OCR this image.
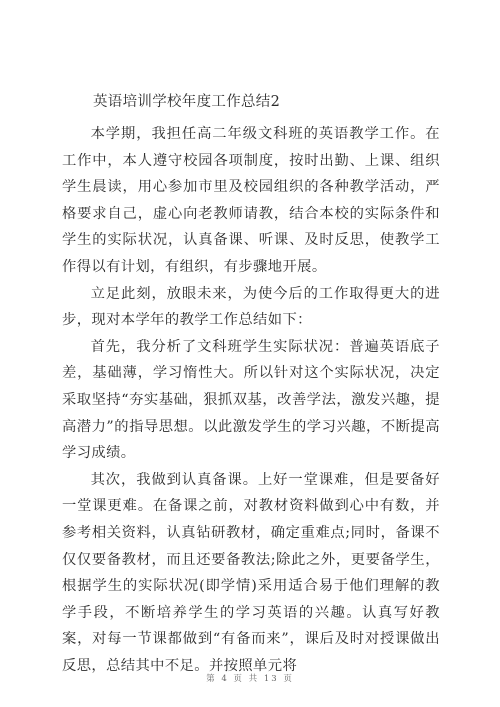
英语培训学校年度工作总结2

本学期，我担任高二年级文科班的英语教学工作。在工作中，本人遵守校园各项制度，按时出勤、上课、组织学生晨读，用心参加市里及校园组织的各种教学活动，严格要求自己，虚心向老教师请教，结合本校的实际条件和学生的实际状况，认真备课、听课、及时反思，使教学工作得以有计划，有组织，有步骤地开展。

立足此刻，放眼未来，为使今后的工作取得更大的进步，现对本学年的教学工作总结如下：

首先，我分析了文科班学生实际状况：普遍英语底子差，基础薄，学习惰性大。所以针对这个实际状况，决定采取坚持“夯实基础，狠抓双基，改善学法，激发兴趣，提高潜力”的指导思想。以此激发学生的学习兴趣，不断提高学习成绩。

其次，我做到认真备课。上好一堂课难，但是要备好一堂课更难。在备课之前，对教材资料做到心中有数，并参考相关资料，认真钻研教材，确定重难点;同时，备课不仅仅要备教材，而且还要备教法;除此之外，更要备学生，根据学生的实际状况(即学情)采用适合易于他们理解的教学手段，不断培养学生的学习英语的兴趣。认真写好教案，对每一节课都做到“有备而来”，课后及时对授课做出反思，总结其中不足。并按照单元将

第 4 页 共 13 页
